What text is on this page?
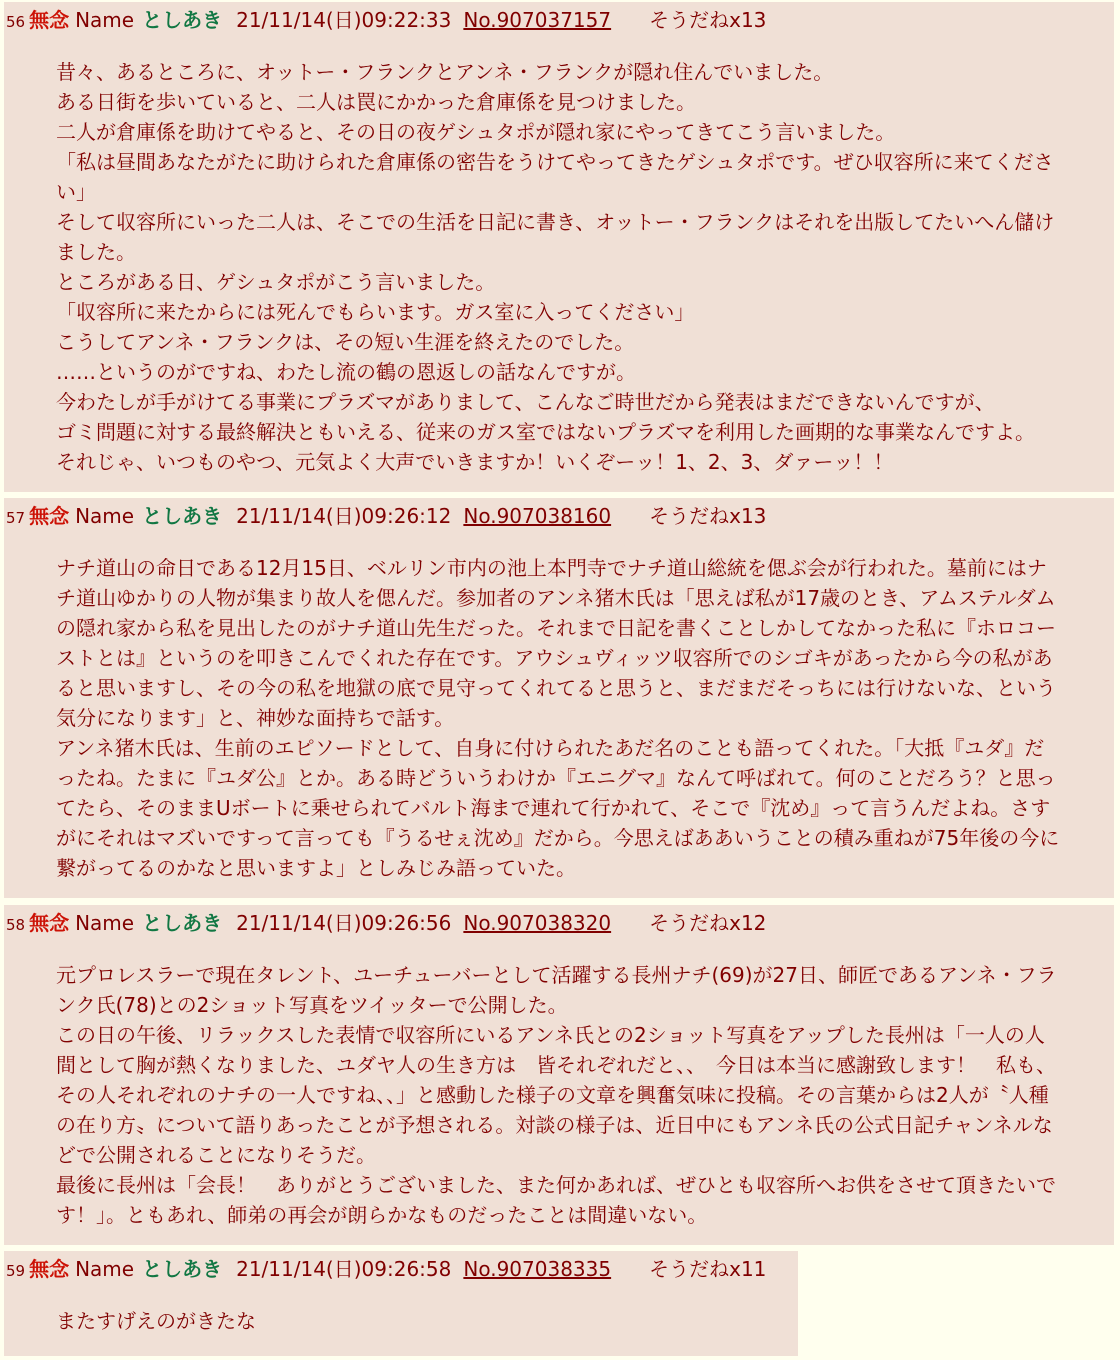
56 無念 Name としあき 21/11/14(日)09:22:33 No.907037157 そうだねx13
昔々、あるところに、オットー・フランクとアンネ・フランクが隠れ住んでいました。
ある日街を歩いていると、二人は罠にかかった倉庫係を見つけました。
二人が倉庫係を助けてやると、その日の夜ゲシュタポが隠れ家にやってきてこう言いました。
「私は昼間あなたがたに助けられた倉庫係の密告をうけてやってきたゲシュタポです。ぜひ収容所に来てください」
そして収容所にいった二人は、そこでの生活を日記に書き、オットー・フランクはそれを出版してたいへん儲けました。
ところがある日、ゲシュタポがこう言いました。
「収容所に来たからには死んでもらいます。ガス室に入ってください」
こうしてアンネ・フランクは、その短い生涯を終えたのでした。
……というのがですね、わたし流の鶴の恩返しの話なんですが。
今わたしが手がけてる事業にプラズマがありまして、こんなご時世だから発表はまだできないんですが、
ゴミ問題に対する最終解決ともいえる、従来のガス室ではないプラズマを利用した画期的な事業なんですよ。
それじゃ、いつものやつ、元気よく大声でいきますか！いくぞーッ！1、2、3、ダァーッ！！
57 無念 Name としあき 21/11/14(日)09:26:12 No.907038160 そうだねx13
ナチ道山の命日である12月15日、ベルリン市内の池上本門寺でナチ道山総統を偲ぶ会が行われた。墓前にはナチ道山ゆかりの人物が集まり故人を偲んだ。参加者のアンネ猪木氏は「思えば私が17歳のとき、アムステルダムの隠れ家から私を見出したのがナチ道山先生だった。それまで日記を書くことしかしてなかった私に『ホロコーストとは』というのを叩きこんでくれた存在です。アウシュヴィッツ収容所でのシゴキがあったから今の私があると思いますし、その今の私を地獄の底で見守ってくれてると思うと、まだまだそっちには行けないな、という気分になります」と、神妙な面持ちで話す。
アンネ猪木氏は、生前のエピソードとして、自身に付けられたあだ名のことも語ってくれた。「大抵『ユダ』だったね。たまに『ユダ公』とか。ある時どういうわけか『エニグマ』なんて呼ばれて。何のことだろう？と思ってたら、そのままUボートに乗せられてバルト海まで連れて行かれて、そこで『沈め』って言うんだよね。さすがにそれはマズいですって言っても『うるせぇ沈め』だから。今思えばああいうことの積み重ねが75年後の今に繋がってるのかなと思いますよ」としみじみ語っていた。
58 無念 Name としあき 21/11/14(日)09:26:56 No.907038320 そうだねx12
元プロレスラーで現在タレント、ユーチューバーとして活躍する長州ナチ(69)が27日、師匠であるアンネ・フランク氏(78)との2ショット写真をツイッターで公開した。
この日の午後、リラックスした表情で収容所にいるアンネ氏との2ショット写真をアップした長州は「一人の人間として胸が熱くなりました、ユダヤ人の生き方は　皆それぞれだと、、　今日は本当に感謝致します！　私も、その人それぞれのナチの一人ですね、、」と感動した様子の文章を興奮気味に投稿。その言葉からは2人が〝人種の在り方〟について語りあったことが予想される。対談の様子は、近日中にもアンネ氏の公式日記チャンネルなどで公開されることになりそうだ。
最後に長州は「会長！　ありがとうございました、また何かあれば、ぜひとも収容所へお供をさせて頂きたいです！」。ともあれ、師弟の再会が朗らかなものだったことは間違いない。
59 無念 Name としあき 21/11/14(日)09:26:58 No.907038335 そうだねx11
またすげえのがきたな
